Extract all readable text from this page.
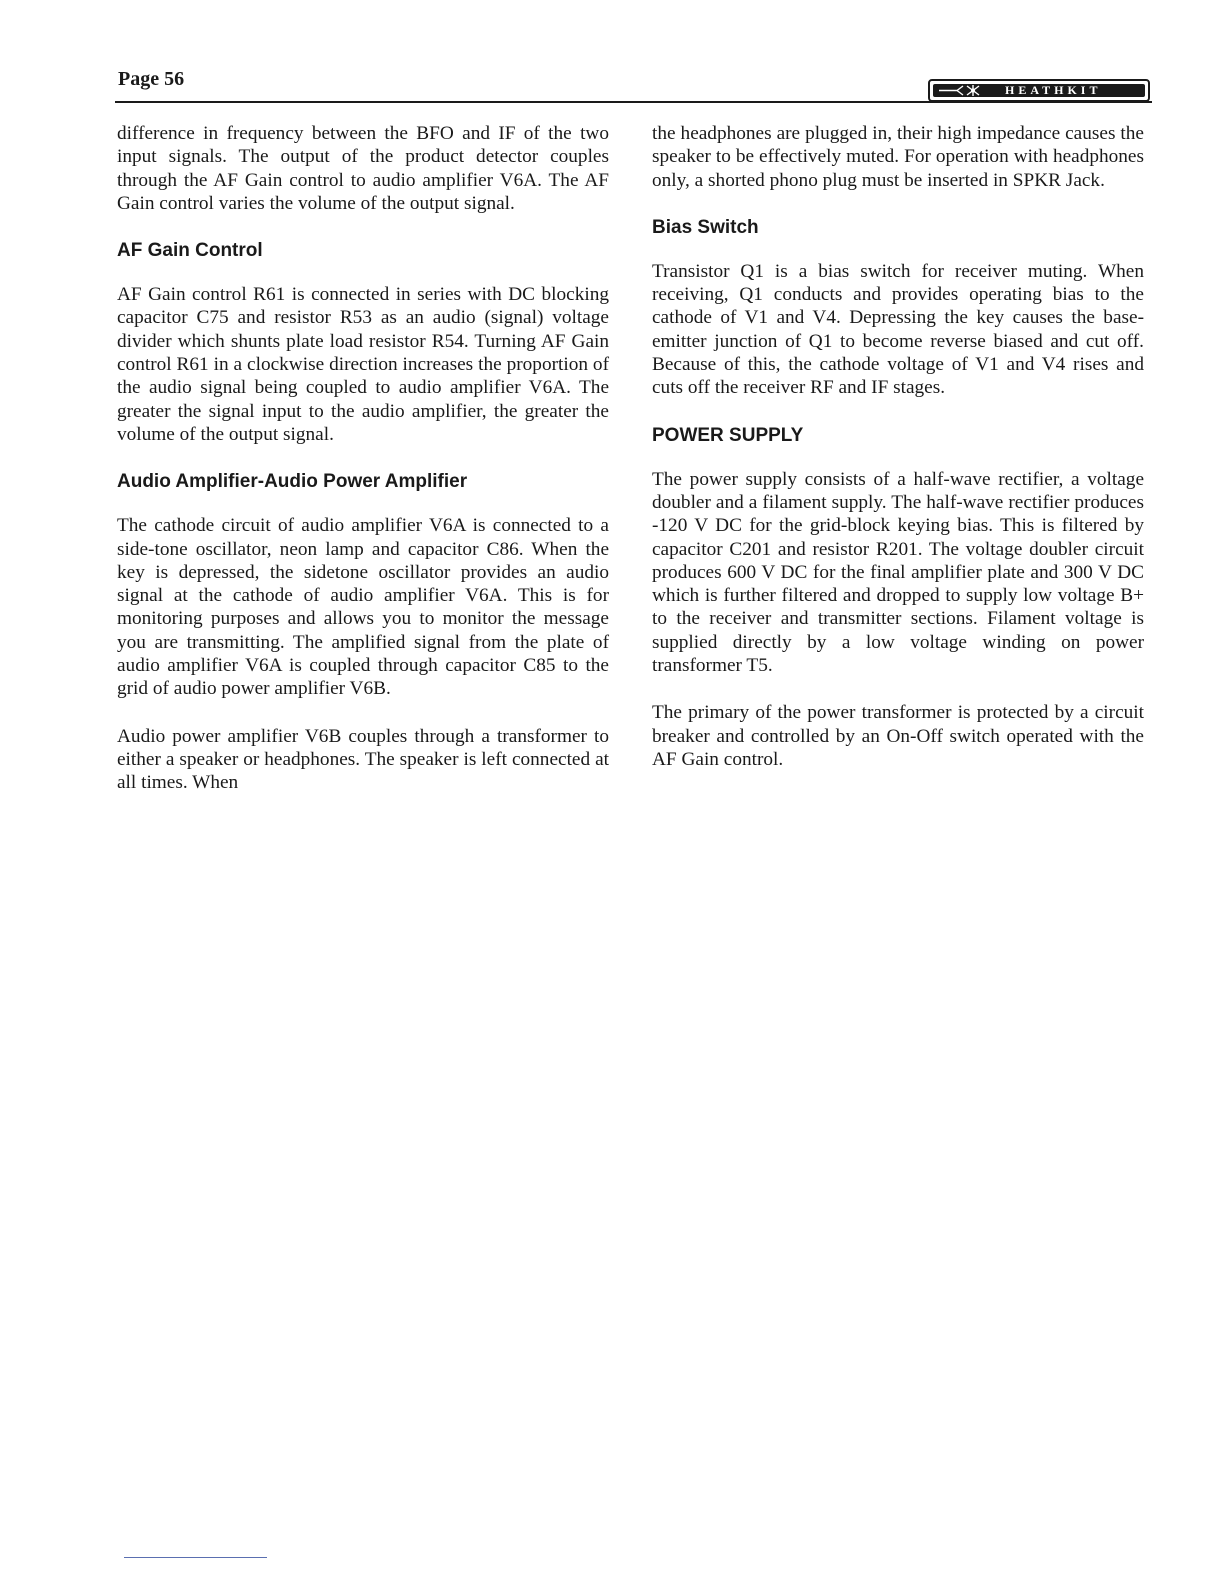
Page 56	HEATHKIT

difference in frequency between the BFO and IF of the two input signals. The output of the product detector couples through the AF Gain control to audio amplifier V6A. The AF Gain control varies the volume of the output signal.

AF Gain Control

AF Gain control R61 is connected in series with DC blocking capacitor C75 and resistor R53 as an audio (signal) voltage divider which shunts plate load resistor R54. Turning AF Gain control R61 in a clockwise direction increases the proportion of the audio signal being coupled to audio amplifier V6A. The greater the signal input to the audio amplifier, the greater the volume of the output signal.

Audio Amplifier-Audio Power Amplifier

The cathode circuit of audio amplifier V6A is connected to a side-tone oscillator, neon lamp and capacitor C86. When the key is depressed, the sidetone oscillator provides an audio signal at the cathode of audio amplifier V6A. This is for monitoring purposes and allows you to monitor the message you are transmitting. The amplified signal from the plate of audio amplifier V6A is coupled through capacitor C85 to the grid of audio power amplifier V6B.

Audio power amplifier V6B couples through a transformer to either a speaker or headphones. The speaker is left connected at all times. When

the headphones are plugged in, their high impedance causes the speaker to be effectively muted. For operation with headphones only, a shorted phono plug must be inserted in SPKR Jack.

Bias Switch

Transistor Q1 is a bias switch for receiver muting. When receiving, Q1 conducts and provides operating bias to the cathode of V1 and V4. Depressing the key causes the base-emitter junction of Q1 to become reverse biased and cut off. Because of this, the cathode voltage of V1 and V4 rises and cuts off the receiver RF and IF stages.

POWER SUPPLY

The power supply consists of a half-wave rectifier, a voltage doubler and a filament supply. The half-wave rectifier produces -120 V DC for the grid-block keying bias. This is filtered by capacitor C201 and resistor R201. The voltage doubler circuit produces 600 V DC for the final amplifier plate and 300 V DC which is further filtered and dropped to supply low voltage B+ to the receiver and transmitter sections. Filament voltage is supplied directly by a low voltage winding on power transformer T5.

The primary of the power transformer is protected by a circuit breaker and controlled by an On-Off switch operated with the AF Gain control.
